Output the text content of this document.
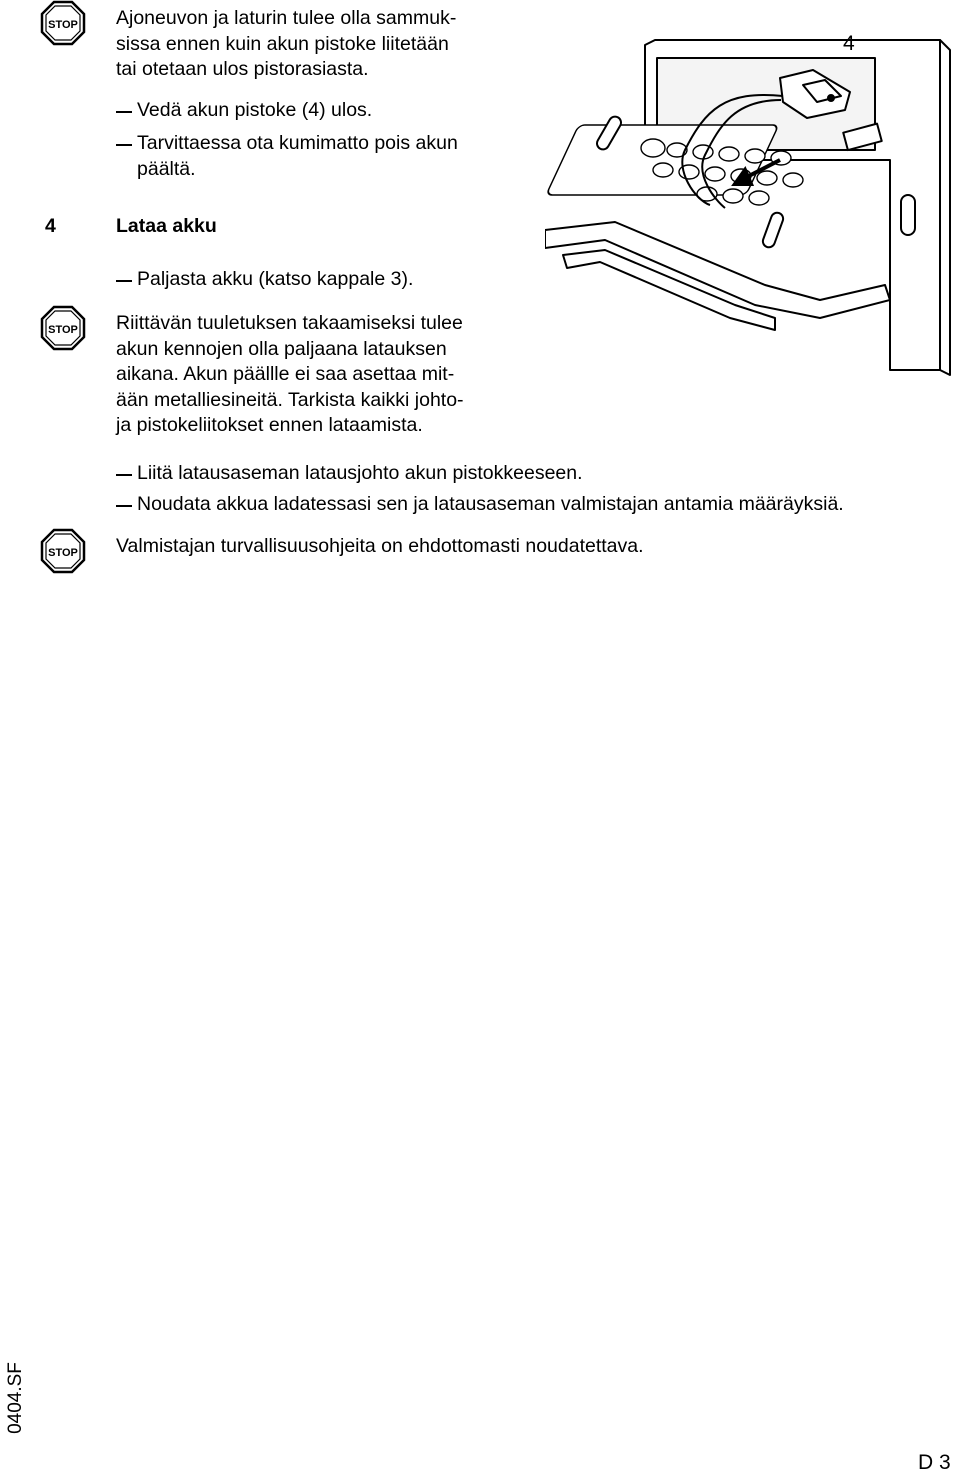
STOP Ajoneuvon ja laturin tulee olla sammuk-
sissa ennen kuin akun pistoke liitetään
tai otetaan ulos pistorasiasta.
Vedä akun pistoke (4) ulos.
Tarvittaessa ota kumimatto pois akun
päältä.
4	Lataa akku
Paljasta akku (katso kappale 3).
STOP Riittävän tuuletuksen takaamiseksi tulee
akun kennojen olla paljaana latauksen
aikana. Akun päällle ei saa asettaa mit-
ään metalliesineitä. Tarkista kaikki johto-
ja pistokeliitokset ennen lataamista.
Liitä latausaseman latausjohto akun pistokkeeseen.
Noudata akkua ladatessasi sen ja latausaseman valmistajan antamia määräyksiä.
STOP Valmistajan turvallisuusohjeita on ehdottomasti noudatettava.
4
0404.SF
D 3
